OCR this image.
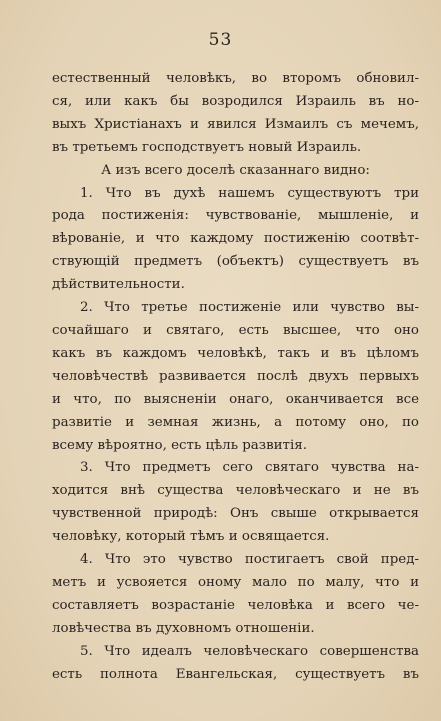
53
естественный человѣкъ, во второмъ обновил-
ся, или какъ бы возродился Израиль въ но-
выхъ Христіанахъ и явился Измаилъ съ мечемъ,
въ третьемъ господствуетъ новый Израиль.
А изъ всего доселѣ сказаннаго видно:
1. Что въ духѣ нашемъ существуютъ три
рода постиженія: чувствованіе, мышленіе, и
вѣрованіе, и что каждому постиженію соотвѣт-
ствующій предметъ (объектъ) существуетъ въ
дѣйствительности.
2. Что третье постиженіе или чувство вы-
сочайшаго и святаго, есть высшее, что оно
какъ въ каждомъ человѣкѣ, такъ и въ цѣломъ
человѣчествѣ развивается послѣ двухъ первыхъ
и что, по выясненіи онаго, оканчивается все
развитіе и земная жизнь, а потому оно, по
всему вѣроятно, есть цѣль развитія.
3. Что предметъ сего святаго чувства на-
ходится внѣ существа человѣческаго и не въ
чувственной природѣ: Онъ свыше открывается
человѣку, который тѣмъ и освящается.
4. Что это чувство постигаетъ свой пред-
метъ и усвояется оному мало по малу, что и
составляетъ возрастаніе человѣка и всего че-
ловѣчества въ духовномъ отношеніи.
5. Что идеалъ человѣческаго совершенства
есть полнота Евангельская, существуетъ въ
